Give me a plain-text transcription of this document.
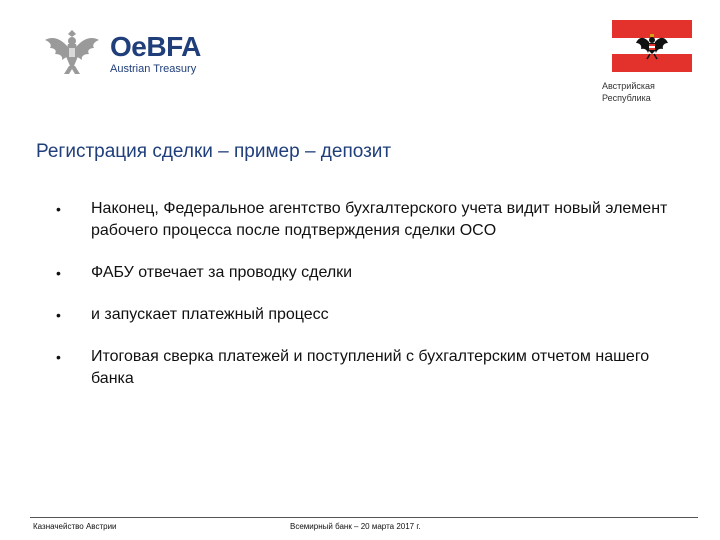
OeBFA
Austrian Treasury
Австрийская
Республика
Регистрация сделки – пример – депозит
• Наконец, Федеральное агентство бухгалтерского учета видит новый элемент рабочего процесса после подтверждения сделки OCO
• ФАБУ отвечает за проводку сделки
• и запускает платежный процесс
• Итоговая сверка платежей и поступлений с бухгалтерским отчетом нашего банка
Казначейство Австрии	Всемирный банк – 20 марта 2017 г.
